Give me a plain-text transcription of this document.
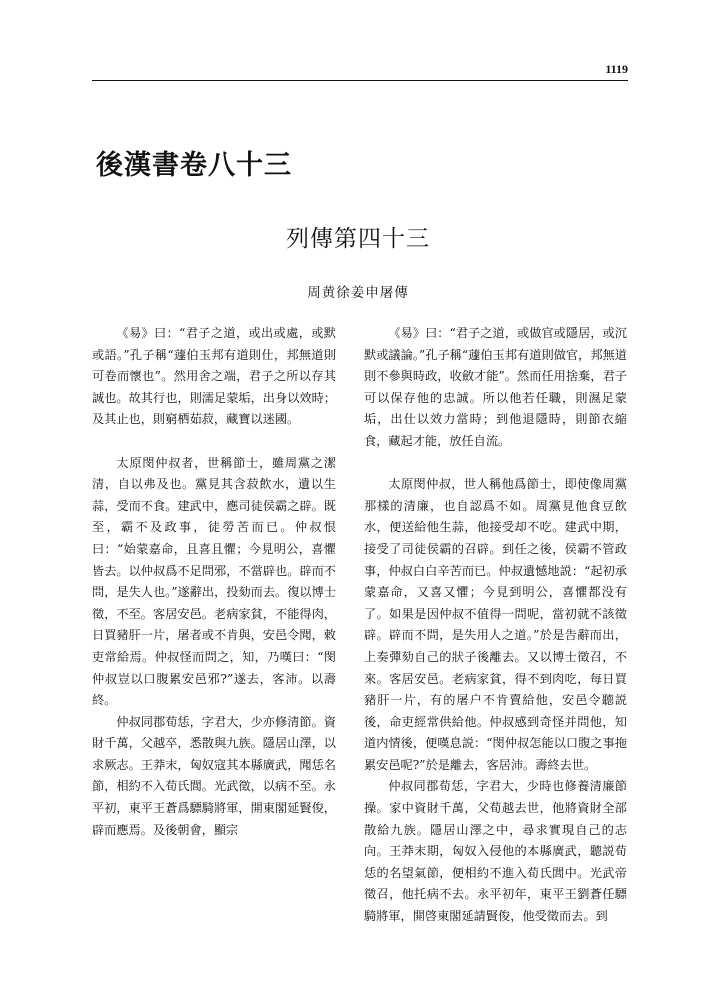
1119
後漢書卷八十三
列傳第四十三
周黄徐姜申屠傳

《易》曰：“君子之道，或出或處，或默或語。”孔子稱“蘧伯玉邦有道則仕，邦無道則可卷而懷也”。然用舍之端，君子之所以存其誠也。故其行也，則濡足蒙垢，出身以效時；及其止也，則窮栖茹菽，藏寶以迷國。

太原閔仲叔者，世稱節士，雖周黨之潔清，自以弗及也。黨見其含菽飲水，遺以生蒜，受而不食。建武中，應司徒侯霸之辟。既至，霸不及政事，徒勞苦而已。仲叔恨曰：“始蒙嘉命，且喜且懼；今見明公，喜懼皆去。以仲叔爲不足問邪，不當辟也。辟而不問，是失人也。”遂辭出，投劾而去。復以博士徵，不至。客居安邑。老病家貧，不能得肉，日買豬肝一片，屠者或不肯與，安邑令聞，敕吏常給焉。仲叔怪而問之，知，乃嘆曰：“閔仲叔豈以口腹累安邑邪?”遂去，客沛。以壽終。

仲叔同郡荀恁，字君大，少亦修清節。資財千萬，父越卒，悉散與九族。隱居山澤，以求厥志。王莽末，匈奴寇其本縣廣武，聞恁名節，相約不入荀氏閭。光武徵，以病不至。永平初，東平王蒼爲驃騎將軍，開東閣延賢俊，辟而應焉。及後朝會，顯宗

《易》曰：“君子之道，或做官或隱居，或沉默或議論。”孔子稱“蘧伯玉邦有道則做官，邦無道則不參與時政，收斂才能”。然而任用捨棄，君子可以保存他的忠誠。所以他若任職，則濕足蒙垢，出仕以效力當時；到他退隱時，則節衣縮食，藏起才能，放任自流。

太原閔仲叔，世人稱他爲節士，即使像周黨那樣的清廉，也自認爲不如。周黨見他食豆飲水，便送給他生蒜，他接受却不吃。建武中期，接受了司徒侯霸的召辟。到任之後，侯霸不管政事，仲叔白白辛苦而已。仲叔遺憾地説：“起初承蒙嘉命，又喜又懼；今見到明公，喜懼都没有了。如果是因仲叔不值得一問呢，當初就不該徵辟。辟而不問，是失用人之道。”於是告辭而出，上奏彈劾自己的狀子後離去。又以博士徵召，不來。客居安邑。老病家貧，得不到肉吃，每日買豬肝一片，有的屠户不肯賣給他，安邑令聽説後，命吏經常供給他。仲叔感到奇怪并問他，知道内情後，便嘆息説：“閔仲叔怎能以口腹之事拖累安邑呢?”於是離去，客居沛。壽終去世。

仲叔同郡荀恁，字君大，少時也修養清廉節操。家中資財千萬，父荀越去世，他將資財全部散給九族。隱居山澤之中，尋求實現自己的志向。王莽末期，匈奴入侵他的本縣廣武，聽説荀恁的名望氣節，便相約不進入荀氏閭中。光武帝徵召，他托病不去。永平初年，東平王劉蒼任驃騎將軍，開啓東閣延請賢俊，他受徵而去。到
